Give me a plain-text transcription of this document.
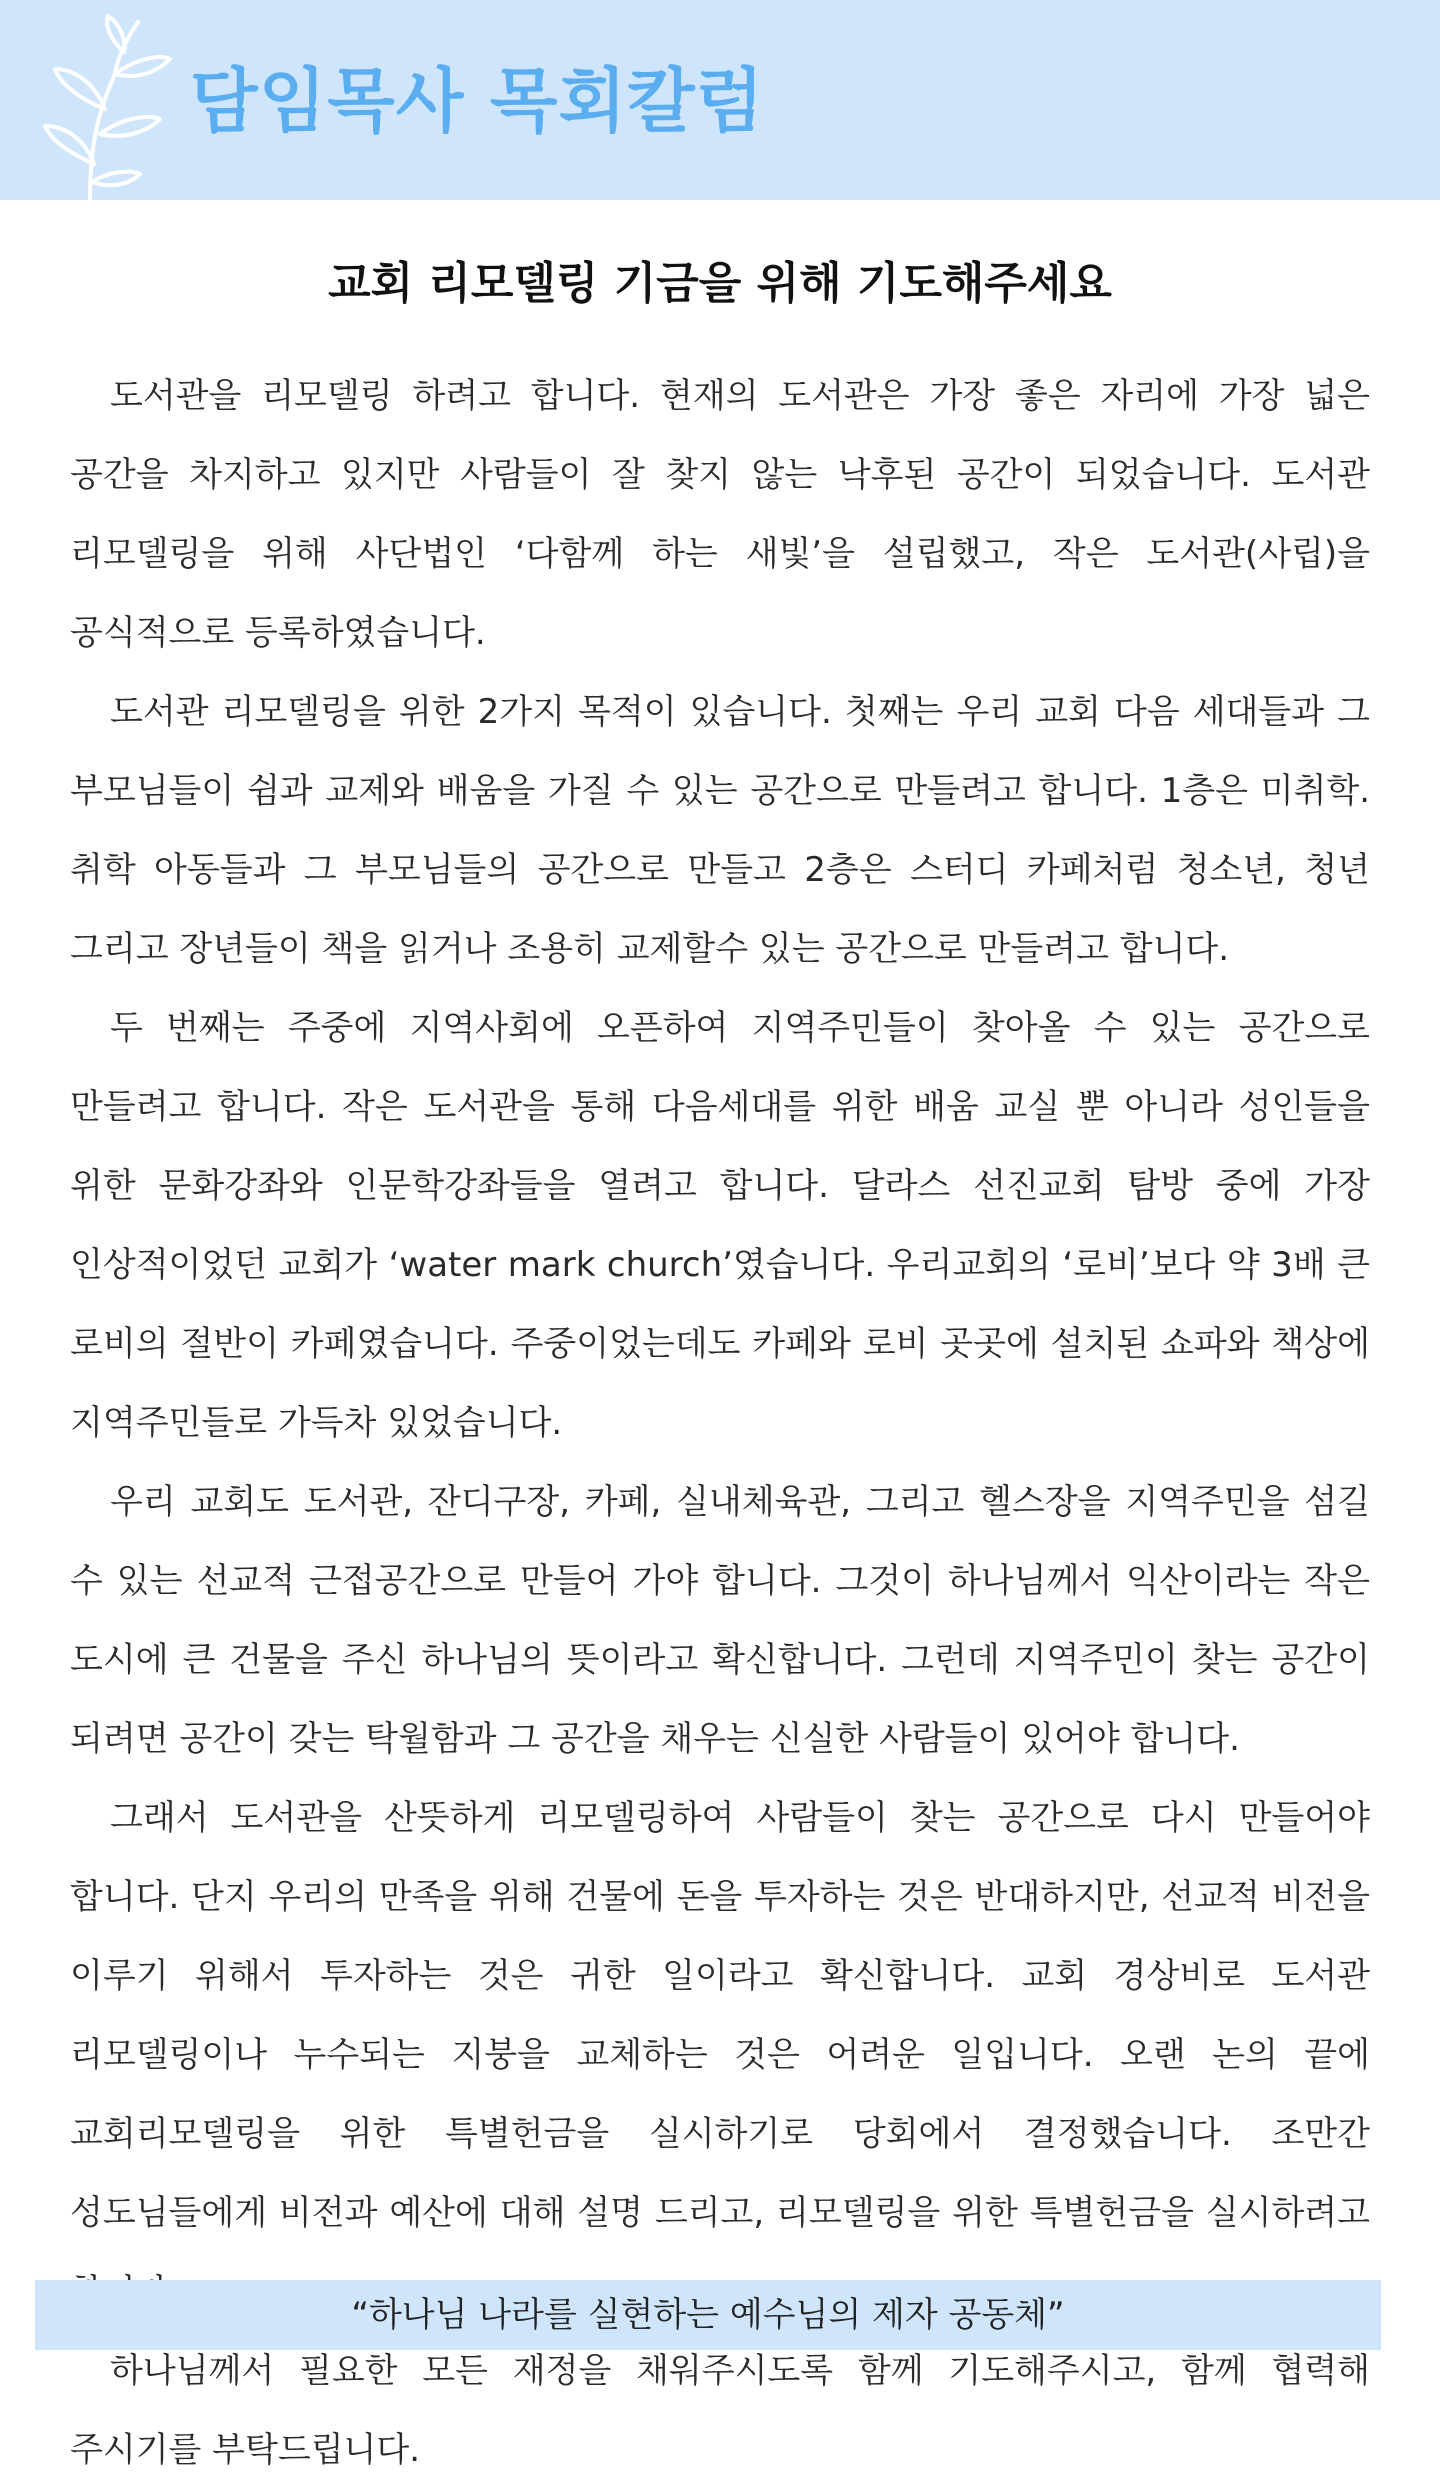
담임목사 목회칼럼
교회 리모델링 기금을 위해 기도해주세요

도서관을 리모델링 하려고 합니다. 현재의 도서관은 가장 좋은 자리에 가장 넓은 공간을 차지하고 있지만 사람들이 잘 찾지 않는 낙후된 공간이 되었습니다. 도서관 리모델링을 위해 사단법인 ‘다함께 하는 새빛’을 설립했고, 작은 도서관(사립)을 공식적으로 등록하였습니다.

도서관 리모델링을 위한 2가지 목적이 있습니다. 첫째는 우리 교회 다음 세대들과 그 부모님들이 쉼과 교제와 배움을 가질 수 있는 공간으로 만들려고 합니다. 1층은 미취학. 취학 아동들과 그 부모님들의 공간으로 만들고 2층은 스터디 카페처럼 청소년, 청년 그리고 장년들이 책을 읽거나 조용히 교제할수 있는 공간으로 만들려고 합니다.

두 번째는 주중에 지역사회에 오픈하여 지역주민들이 찾아올 수 있는 공간으로 만들려고 합니다. 작은 도서관을 통해 다음세대를 위한 배움 교실 뿐 아니라 성인들을 위한 문화강좌와 인문학강좌들을 열려고 합니다. 달라스 선진교회 탐방 중에 가장 인상적이었던 교회가 ‘water mark church’였습니다. 우리교회의 ‘로비’보다 약 3배 큰 로비의 절반이 카페였습니다. 주중이었는데도 카페와 로비 곳곳에 설치된 쇼파와 책상에 지역주민들로 가득차 있었습니다.

우리 교회도 도서관, 잔디구장, 카페, 실내체육관, 그리고 헬스장을 지역주민을 섬길 수 있는 선교적 근접공간으로 만들어 가야 합니다. 그것이 하나님께서 익산이라는 작은 도시에 큰 건물을 주신 하나님의 뜻이라고 확신합니다. 그런데 지역주민이 찾는 공간이 되려면 공간이 갖는 탁월함과 그 공간을 채우는 신실한 사람들이 있어야 합니다.

그래서 도서관을 산뜻하게 리모델링하여 사람들이 찾는 공간으로 다시 만들어야 합니다. 단지 우리의 만족을 위해 건물에 돈을 투자하는 것은 반대하지만, 선교적 비전을 이루기 위해서 투자하는 것은 귀한 일이라고 확신합니다. 교회 경상비로 도서관 리모델링이나 누수되는 지붕을 교체하는 것은 어려운 일입니다. 오랜 논의 끝에 교회리모델링을 위한 특별헌금을 실시하기로 당회에서 결정했습니다. 조만간 성도님들에게 비전과 예산에 대해 설명 드리고, 리모델링을 위한 특별헌금을 실시하려고

하나님께서 필요한 모든 재정을 채워주시도록 함께 기도해주시고, 함께 협력해 주시기를 부탁드립니다.

“하나님 나라를 실현하는 예수님의 제자 공동체”
